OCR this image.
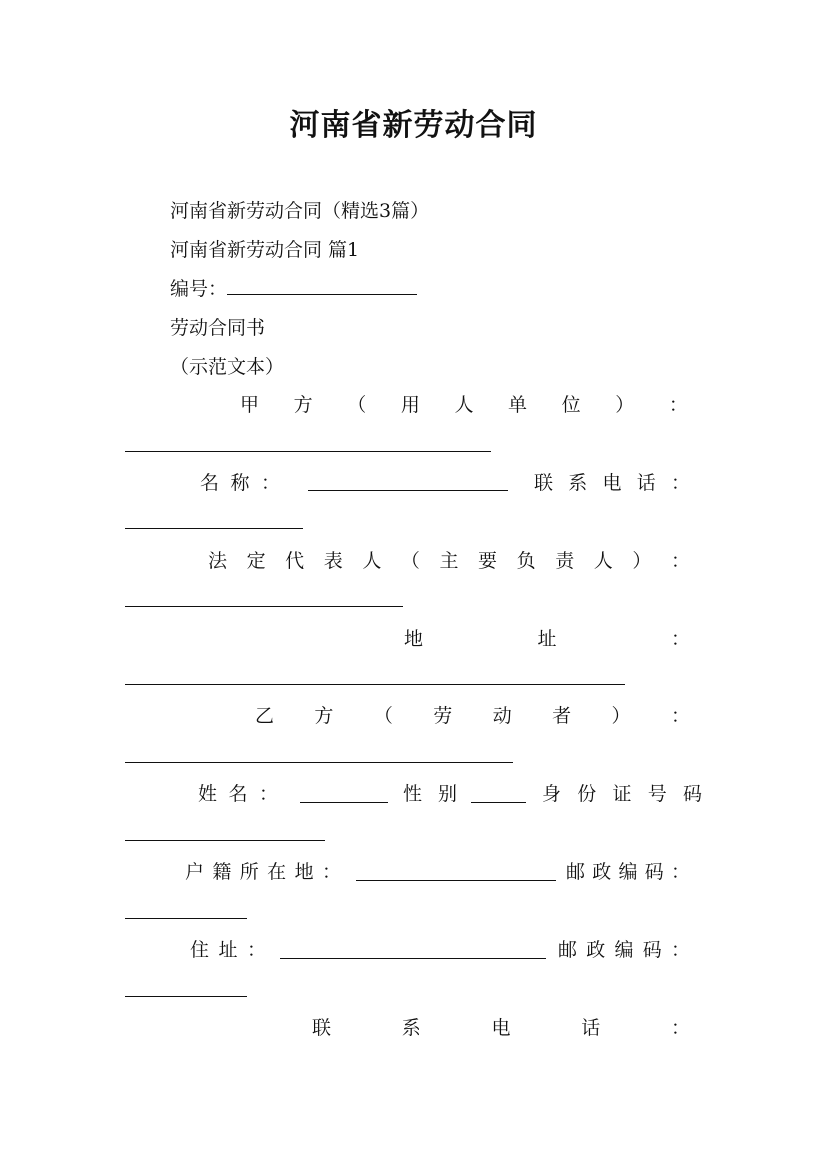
河南省新劳动合同
河南省新劳动合同（精选3篇）
河南省新劳动合同 篇1
编号：
劳动合同书
（示范文本）
甲 方 （ 用 人 单 位 ） ：
名 称 ：	联 系 电 话 ：
法 定 代 表 人 （ 主 要 负 责 人 ） ：
地	址	：
乙 方 （ 劳 动 者 ） ：
姓 名 ：	性 别	身 份 证 号 码
户 籍 所 在 地 ：	邮 政 编 码 ：
住 址 ：	邮 政 编 码 ：
联	系	电	话	：
